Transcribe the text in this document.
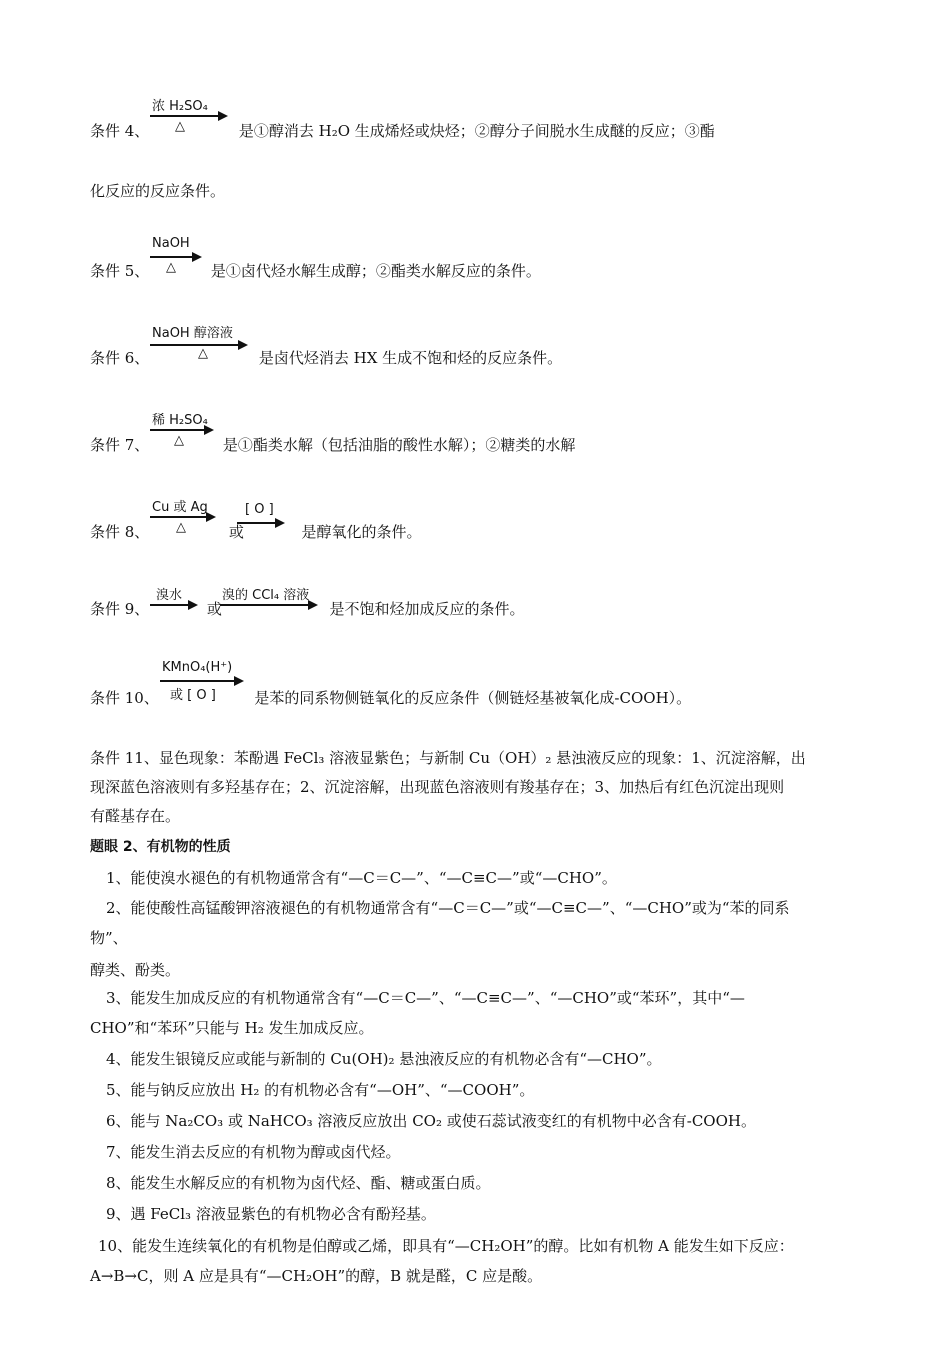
浓 H₂SO₄
△
条件 4、	是①醇消去 H₂O 生成烯烃或炔烃；②醇分子间脱水生成醚的反应；③酯
化反应的反应条件。
NaOH
△
条件 5、	是①卤代烃水解生成醇；②酯类水解反应的条件。
NaOH 醇溶液
△
条件 6、	是卤代烃消去 HX 生成不饱和烃的反应条件。
稀 H₂SO₄
△
条件 7、	是①酯类水解（包括油脂的酸性水解）；②糖类的水解
Cu 或 Ag
△
[ O ]
条件 8、	或	是醇氧化的条件。
溴水	溴的 CCl₄ 溶液
条件 9、	或	是不饱和烃加成反应的条件。
KMnO₄(H⁺)
或 [ O ]
条件 10、	是苯的同系物侧链氧化的反应条件（侧链烃基被氧化成-COOH）。
条件 11、显色现象：苯酚遇 FeCl₃ 溶液显紫色；与新制 Cu（OH）₂ 悬浊液反应的现象：1、沉淀溶解，出
现深蓝色溶液则有多羟基存在；2、沉淀溶解，出现蓝色溶液则有羧基存在；3、加热后有红色沉淀出现则
有醛基存在。
题眼 2、有机物的性质
1、能使溴水褪色的有机物通常含有“—C＝C—”、“—C≡C—”或“—CHO”。
2、能使酸性高锰酸钾溶液褪色的有机物通常含有“—C＝C—”或“—C≡C—”、“—CHO”或为“苯的同系
物”、
醇类、酚类。
3、能发生加成反应的有机物通常含有“—C＝C—”、“—C≡C—”、“—CHO”或“苯环”，其中“—
CHO”和“苯环”只能与 H₂ 发生加成反应。
4、能发生银镜反应或能与新制的 Cu(OH)₂ 悬浊液反应的有机物必含有“—CHO”。
5、能与钠反应放出 H₂ 的有机物必含有“—OH”、“—COOH”。
6、能与 Na₂CO₃ 或 NaHCO₃ 溶液反应放出 CO₂ 或使石蕊试液变红的有机物中必含有-COOH。
7、能发生消去反应的有机物为醇或卤代烃。
8、能发生水解反应的有机物为卤代烃、酯、糖或蛋白质。
9、遇 FeCl₃ 溶液显紫色的有机物必含有酚羟基。
10、能发生连续氧化的有机物是伯醇或乙烯，即具有“—CH₂OH”的醇。比如有机物 A 能发生如下反应：
A→B→C，则 A 应是具有“—CH₂OH”的醇，B 就是醛，C 应是酸。
